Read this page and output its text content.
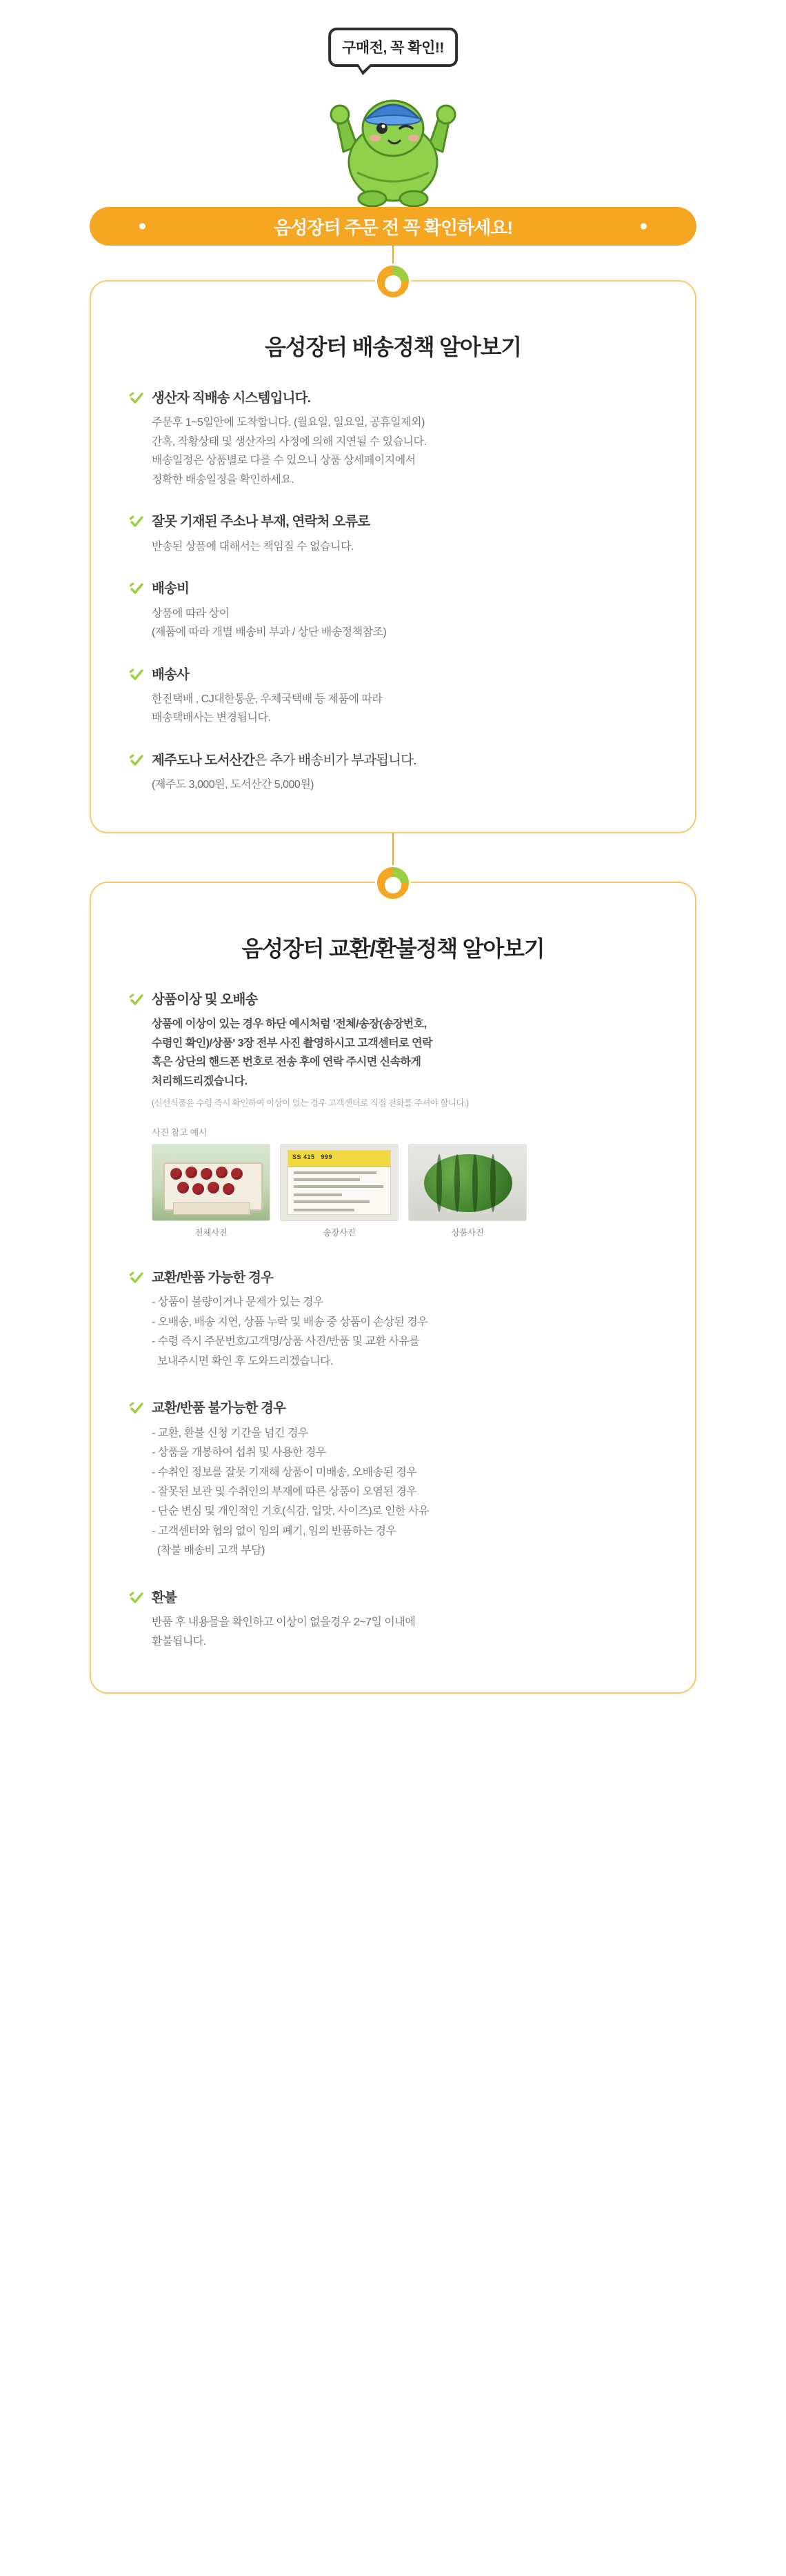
구매전, 꼭 확인!!
음성장터 주문 전 꼭 확인하세요!
음성장터 배송정책 알아보기
생산자 직배송 시스템입니다.
주문후 1~5일안에 도착합니다. (월요일, 일요일, 공휴일제외)
간혹, 작황상태 및 생산자의 사정에 의해 지연될 수 있습니다.
배송일정은 상품별로 다를 수 있으니 상품 상세페이지에서
정확한 배송일정을 확인하세요.
잘못 기재된 주소나 부재, 연락처 오류로
반송된 상품에 대해서는 책임질 수 없습니다.
배송비
상품에 따라 상이
(제품에 따라 개별 배송비 부과 / 상단 배송정책참조)
배송사
한진택배 , CJ대한통운, 우체국택배 등 제품에 따라
배송택배사는 변경됩니다.
제주도나 도서산간은 추가 배송비가 부과됩니다.
(제주도 3,000원, 도서산간 5,000원)
음성장터 교환/환불정책 알아보기
상품이상 및 오배송
상품에 이상이 있는 경우 하단 예시처럼 '전체/송장(송장번호,
수령인 확인)/상품' 3장 전부 사진 촬영하시고 고객센터로 연락
혹은 상단의 핸드폰 번호로 전송 후에 연락 주시면 신속하게
처리해드리겠습니다.
(신선식품은 수령 즉시 확인하여 이상이 있는 경우 고객센터로 직접 전화를 주셔야 합니다.)
사진 참고 예시
전체사진
SS 415   999
송장사진	상품사진
교환/반품 가능한 경우
- 상품이 불량이거나 문제가 있는 경우
- 오배송, 배송 지연, 상품 누락 및 배송 중 상품이 손상된 경우
- 수령 즉시 주문번호/고객명/상품 사진/반품 및 교환 사유를
보내주시면 확인 후 도와드리겠습니다.
교환/반품 불가능한 경우
- 교환, 환불 신청 기간을 넘긴 경우
- 상품을 개봉하여 섭취 및 사용한 경우
- 수취인 정보를 잘못 기재해 상품이 미배송, 오배송된 경우
- 잘못된 보관 및 수취인의 부재에 따른 상품이 오염된 경우
- 단순 변심 및 개인적인 기호(식감, 입맛, 사이즈)로 인한 사유
- 고객센터와 협의 없이 임의 폐기, 임의 반품하는 경우
(착불 배송비 고객 부담)
환불
반품 후 내용물을 확인하고 이상이 없을경우 2~7일 이내에
환불됩니다.
